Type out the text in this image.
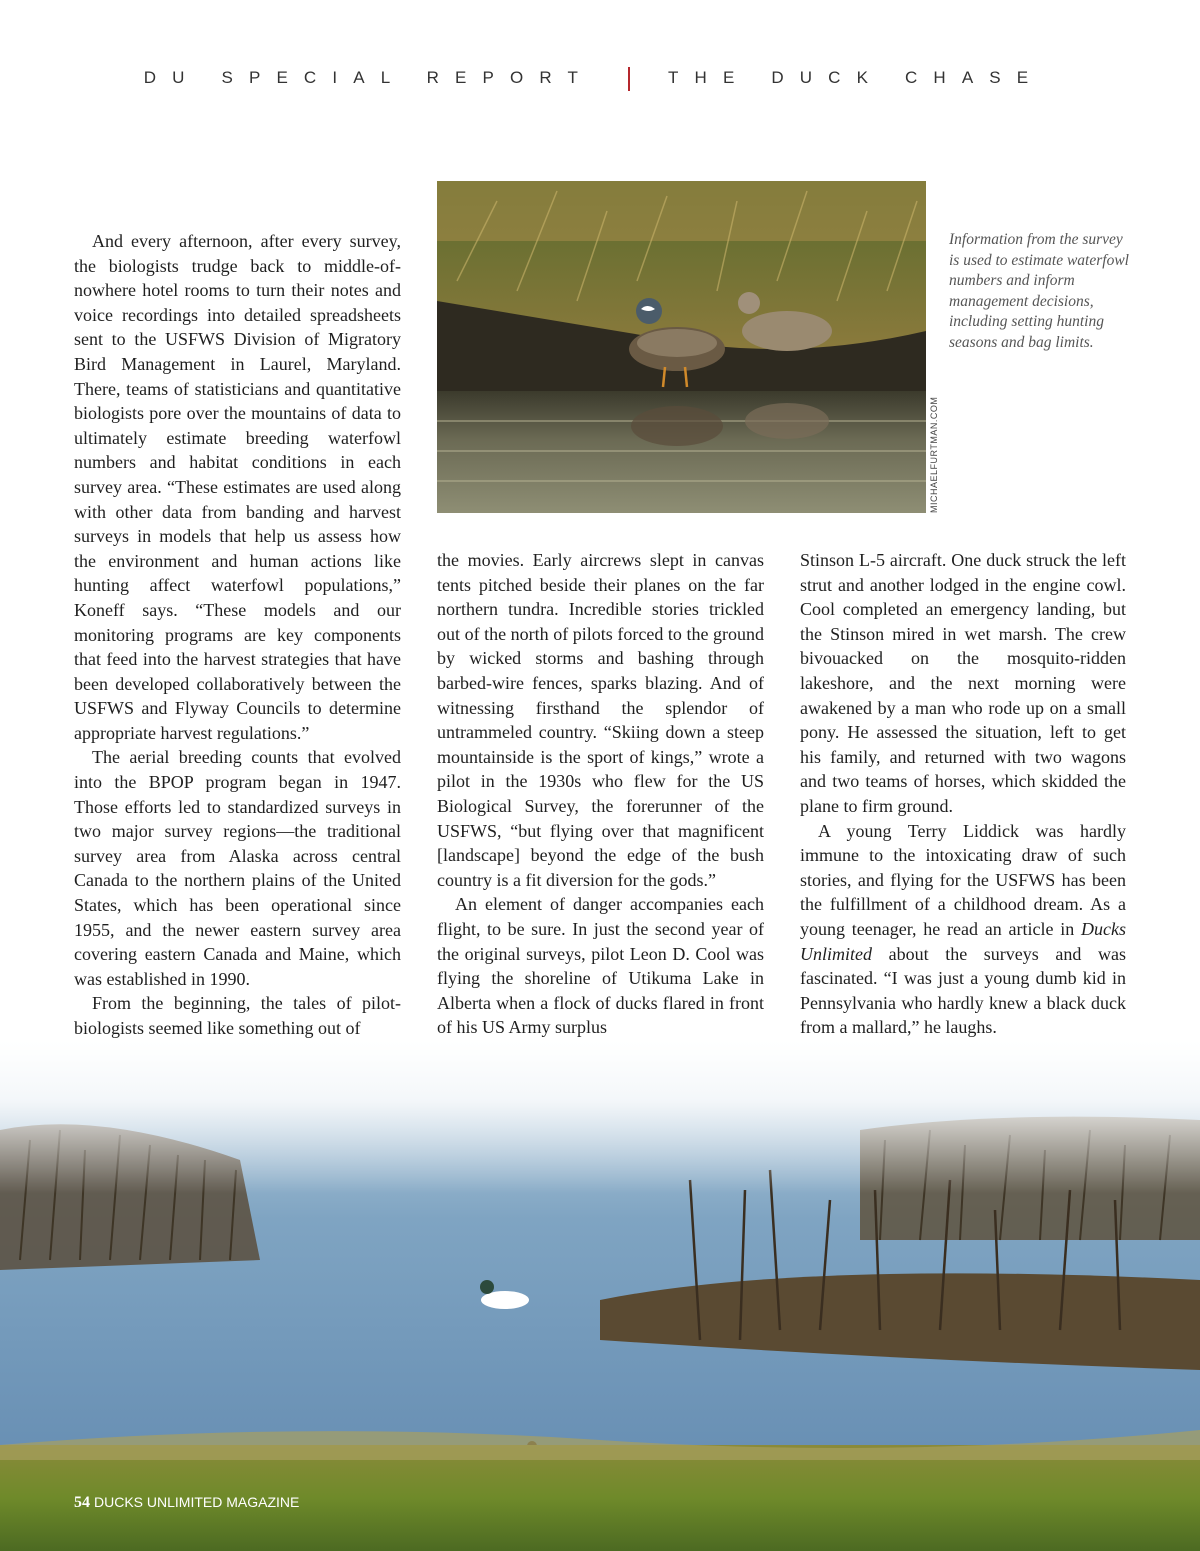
DU SPECIAL REPORT	THE DUCK CHASE
MICHAELFURTMAN.COM
Information from the survey is used to estimate waterfowl numbers and inform management decisions, including setting hunting seasons and bag limits.

And every afternoon, after every survey, the biologists trudge back to middle-of-nowhere hotel rooms to turn their notes and voice recordings into detailed spreadsheets sent to the USFWS Division of Migratory Bird Management in Laurel, Maryland. There, teams of statisticians and quantitative biologists pore over the mountains of data to ultimately estimate breeding waterfowl numbers and habitat conditions in each survey area. “These estimates are used along with other data from banding and harvest surveys in models that help us assess how the environment and human actions like hunting affect waterfowl populations,” Koneff says. “These models and our monitoring programs are key components that feed into the harvest strategies that have been developed collaboratively between the USFWS and Flyway Councils to determine appropriate harvest regulations.”

The aerial breeding counts that evolved into the BPOP program began in 1947. Those efforts led to standardized surveys in two major survey regions—the traditional survey area from Alaska across central Canada to the northern plains of the United States, which has been operational since 1955, and the newer eastern survey area covering eastern Canada and Maine, which was established in 1990.

From the beginning, the tales of pilot-biologists seemed like something out of

the movies. Early aircrews slept in canvas tents pitched beside their planes on the far northern tundra. Incredible stories trickled out of the north of pilots forced to the ground by wicked storms and bashing through barbed-wire fences, sparks blazing. And of witnessing firsthand the splendor of untrammeled country. “Skiing down a steep mountainside is the sport of kings,” wrote a pilot in the 1930s who flew for the US Biological Survey, the forerunner of the USFWS, “but flying over that magnificent [landscape] beyond the edge of the bush country is a fit diversion for the gods.”

An element of danger accompanies each flight, to be sure. In just the second year of the original surveys, pilot Leon D. Cool was flying the shoreline of Utikuma Lake in Alberta when a flock of ducks flared in front of his US Army surplus

Stinson L-5 aircraft. One duck struck the left strut and another lodged in the engine cowl. Cool completed an emergency landing, but the Stinson mired in wet marsh. The crew bivouacked on the mosquito-ridden lakeshore, and the next morning were awakened by a man who rode up on a small pony. He assessed the situation, left to get his family, and returned with two wagons and two teams of horses, which skidded the plane to firm ground.

A young Terry Liddick was hardly immune to the intoxicating draw of such stories, and flying for the USFWS has been the fulfillment of a childhood dream. As a young teenager, he read an article in Ducks Unlimited about the surveys and was fascinated. “I was just a young dumb kid in Pennsylvania who hardly knew a black duck from a mallard,” he laughs.

54 DUCKS UNLIMITED MAGAZINE
